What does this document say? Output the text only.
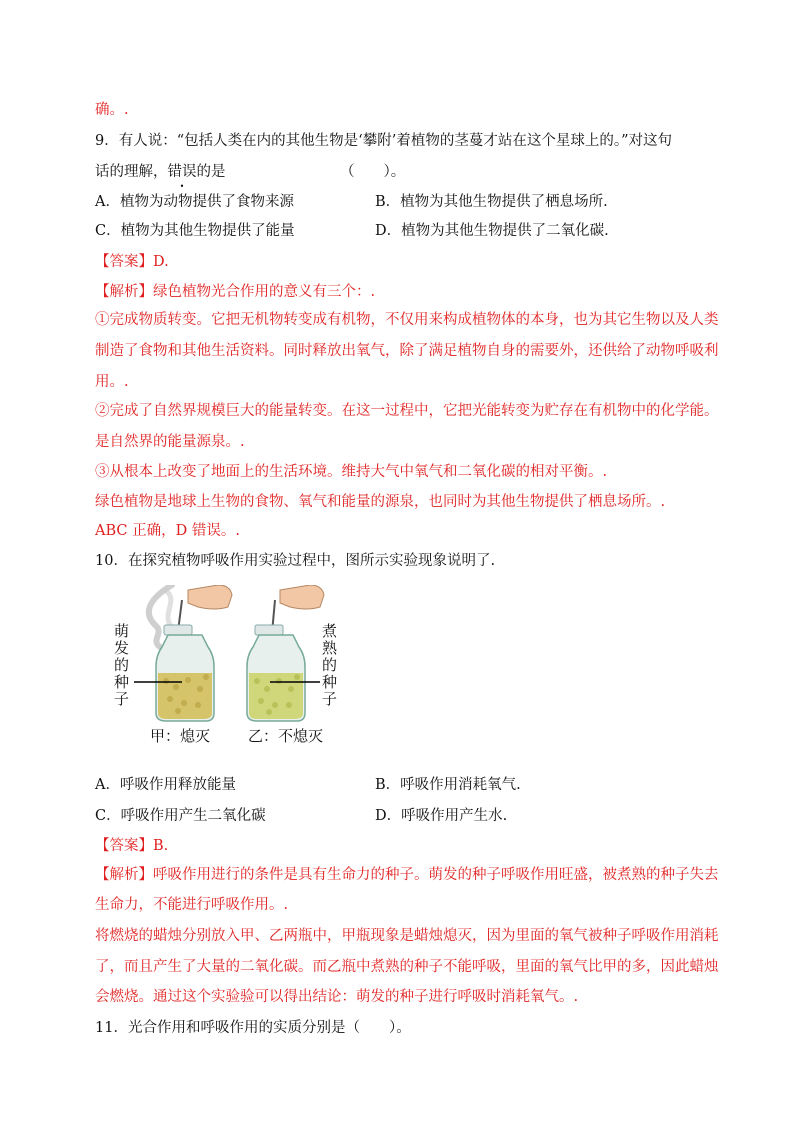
确。.
9．有人说：“包括人类在内的其他生物是‘攀附’着植物的茎蔓才站在这个星球上的。”对这句
话的理解，错误的是	（　　）。
A．植物为动物提供了食物来源	B．植物为其他生物提供了栖息场所.
C．植物为其他生物提供了能量	D．植物为其他生物提供了二氧化碳.
【答案】D.
【解析】绿色植物光合作用的意义有三个：.
①完成物质转变。它把无机物转变成有机物，不仅用来构成植物体的本身，也为其它生物以及人类
制造了食物和其他生活资料。同时释放出氧气，除了满足植物自身的需要外，还供给了动物呼吸利
用。.
②完成了自然界规模巨大的能量转变。在这一过程中，它把光能转变为贮存在有机物中的化学能。
是自然界的能量源泉。.
③从根本上改变了地面上的生活环境。维持大气中氧气和二氧化碳的相对平衡。.
绿色植物是地球上生物的食物、氧气和能量的源泉，也同时为其他生物提供了栖息场所。.
ABC 正确，D 错误。.
10．在探究植物呼吸作用实验过程中，图所示实验现象说明了.
萌发的种子
煮熟的种子
甲：熄灭	乙：不熄灭
A．呼吸作用释放能量	B．呼吸作用消耗氧气.
C．呼吸作用产生二氧化碳	D．呼吸作用产生水.
【答案】B.
【解析】呼吸作用进行的条件是具有生命力的种子。萌发的种子呼吸作用旺盛，被煮熟的种子失去
生命力，不能进行呼吸作用。.
将燃烧的蜡烛分别放入甲、乙两瓶中，甲瓶现象是蜡烛熄灭，因为里面的氧气被种子呼吸作用消耗
了，而且产生了大量的二氧化碳。而乙瓶中煮熟的种子不能呼吸，里面的氧气比甲的多，因此蜡烛
会燃烧。通过这个实验验可以得出结论：萌发的种子进行呼吸时消耗氧气。.
11．光合作用和呼吸作用的实质分别是（　　）。
